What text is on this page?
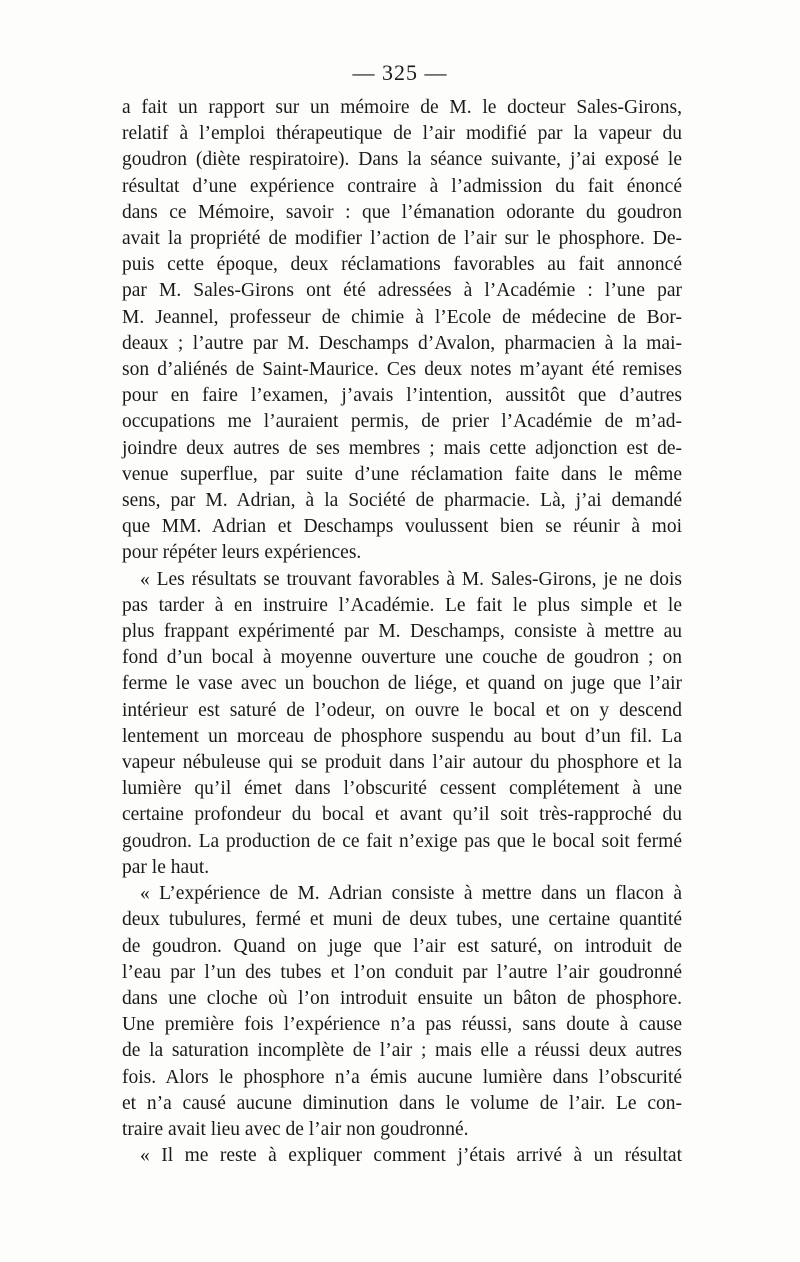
— 325 —

a fait un rapport sur un mémoire de M. le docteur Sales-Girons,
relatif à l’emploi thérapeutique de l’air modifié par la vapeur du
goudron (diète respiratoire). Dans la séance suivante, j’ai exposé le
résultat d’une expérience contraire à l’admission du fait énoncé
dans ce Mémoire, savoir : que l’émanation odorante du goudron
avait la propriété de modifier l’action de l’air sur le phosphore. De-
puis cette époque, deux réclamations favorables au fait annoncé
par M. Sales-Girons ont été adressées à l’Académie : l’une par
M. Jeannel, professeur de chimie à l’Ecole de médecine de Bor-
deaux ; l’autre par M. Deschamps d’Avalon, pharmacien à la mai-
son d’aliénés de Saint-Maurice. Ces deux notes m’ayant été remises
pour en faire l’examen, j’avais l’intention, aussitôt que d’autres
occupations me l’auraient permis, de prier l’Académie de m’ad-
joindre deux autres de ses membres ; mais cette adjonction est de-
venue superflue, par suite d’une réclamation faite dans le même
sens, par M. Adrian, à la Société de pharmacie. Là, j’ai demandé
que MM. Adrian et Deschamps voulussent bien se réunir à moi
pour répéter leurs expériences.

« Les résultats se trouvant favorables à M. Sales-Girons, je ne dois
pas tarder à en instruire l’Académie. Le fait le plus simple et le
plus frappant expérimenté par M. Deschamps, consiste à mettre au
fond d’un bocal à moyenne ouverture une couche de goudron ; on
ferme le vase avec un bouchon de liége, et quand on juge que l’air
intérieur est saturé de l’odeur, on ouvre le bocal et on y descend
lentement un morceau de phosphore suspendu au bout d’un fil. La
vapeur nébuleuse qui se produit dans l’air autour du phosphore et la
lumière qu’il émet dans l’obscurité cessent complétement à une
certaine profondeur du bocal et avant qu’il soit très-rapproché du
goudron. La production de ce fait n’exige pas que le bocal soit fermé
par le haut.

« L’expérience de M. Adrian consiste à mettre dans un flacon à
deux tubulures, fermé et muni de deux tubes, une certaine quantité
de goudron. Quand on juge que l’air est saturé, on introduit de
l’eau par l’un des tubes et l’on conduit par l’autre l’air goudronné
dans une cloche où l’on introduit ensuite un bâton de phosphore.
Une première fois l’expérience n’a pas réussi, sans doute à cause
de la saturation incomplète de l’air ; mais elle a réussi deux autres
fois. Alors le phosphore n’a émis aucune lumière dans l’obscurité
et n’a causé aucune diminution dans le volume de l’air. Le con-
traire avait lieu avec de l’air non goudronné.

« Il me reste à expliquer comment j’étais arrivé à un résultat
